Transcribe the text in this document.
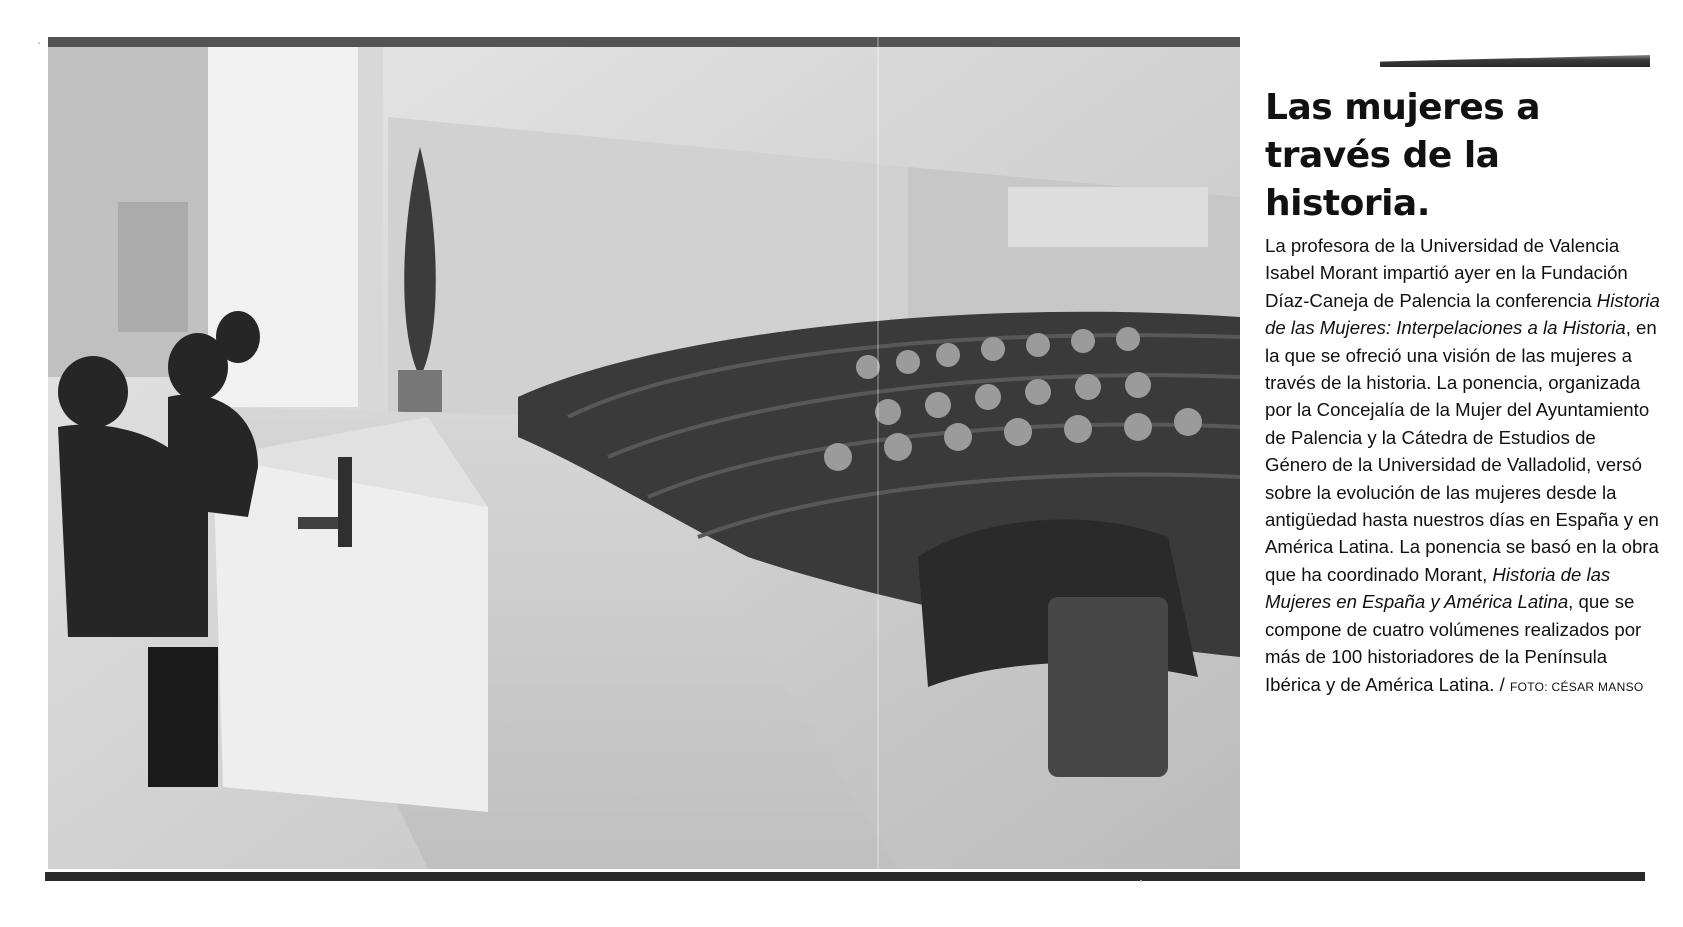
Las mujeres a través de la historia.

La profesora de la Universidad de Valencia Isabel Morant impartió ayer en la Fundación Díaz-Caneja de Palencia la conferencia Historia de las Mujeres: Interpelaciones a la Historia, en la que se ofreció una visión de las mujeres a través de la historia. La ponencia, organizada por la Concejalía de la Mujer del Ayuntamiento de Palencia y la Cátedra de Estudios de Género de la Universidad de Valladolid, versó sobre la evolución de las mujeres desde la antigüedad hasta nuestros días en España y en América Latina. La ponencia se basó en la obra que ha coordinado Morant, Historia de las Mujeres en España y América Latina, que se compone de cuatro volúmenes realizados por más de 100 historiadores de la Península Ibérica y de América Latina. / FOTO: CÉSAR MANSO
